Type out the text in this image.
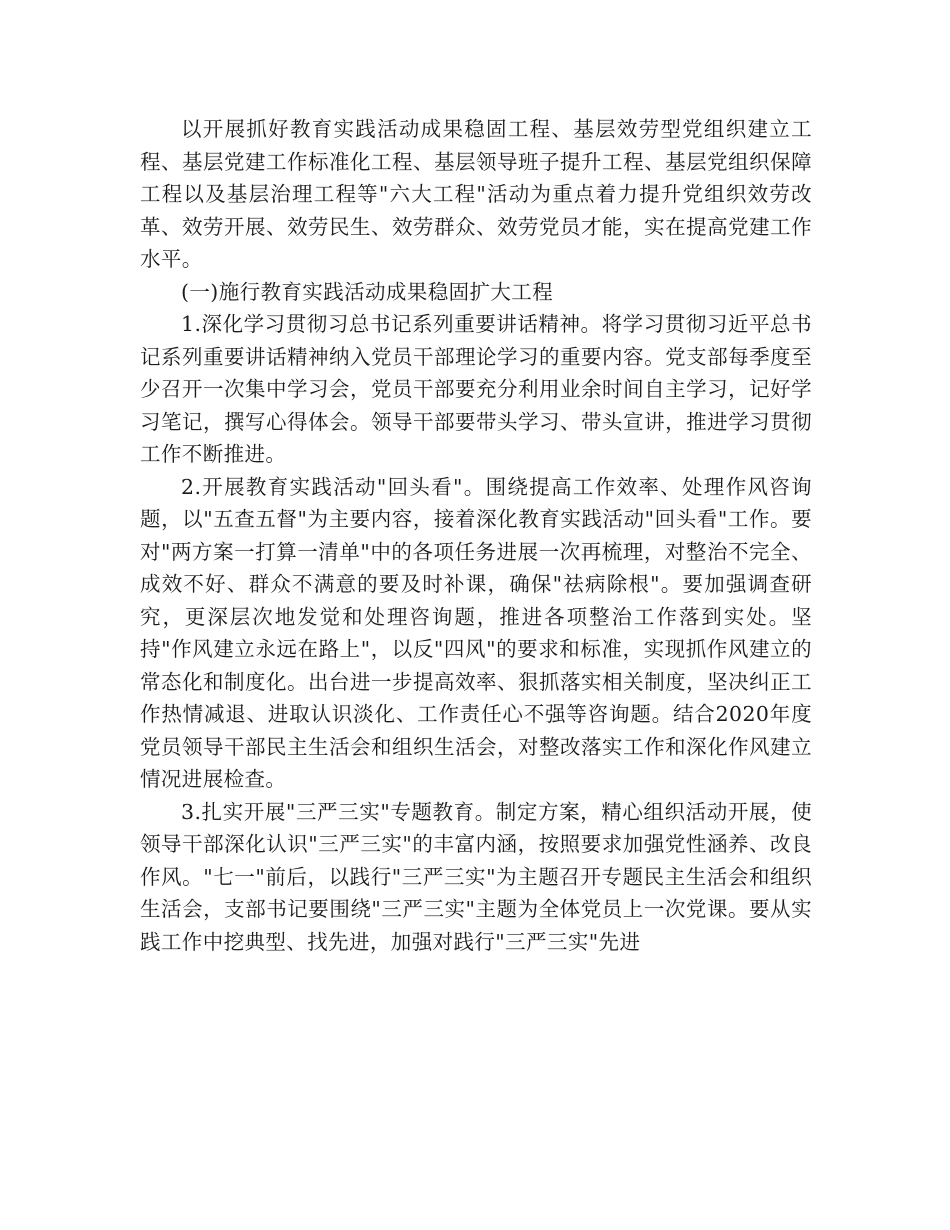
以开展抓好教育实践活动成果稳固工程、基层效劳型党组织建立工程、基层党建工作标准化工程、基层领导班子提升工程、基层党组织保障工程以及基层治理工程等"六大工程"活动为重点着力提升党组织效劳改革、效劳开展、效劳民生、效劳群众、效劳党员才能，实在提高党建工作水平。

(一)施行教育实践活动成果稳固扩大工程

1.深化学习贯彻习总书记系列重要讲话精神。将学习贯彻习近平总书记系列重要讲话精神纳入党员干部理论学习的重要内容。党支部每季度至少召开一次集中学习会，党员干部要充分利用业余时间自主学习，记好学习笔记，撰写心得体会。领导干部要带头学习、带头宣讲，推进学习贯彻工作不断推进。

2.开展教育实践活动"回头看"。围绕提高工作效率、处理作风咨询题，以"五查五督"为主要内容，接着深化教育实践活动"回头看"工作。要对"两方案一打算一清单"中的各项任务进展一次再梳理，对整治不完全、成效不好、群众不满意的要及时补课，确保"祛病除根"。要加强调查研究，更深层次地发觉和处理咨询题，推进各项整治工作落到实处。坚持"作风建立永远在路上"，以反"四风"的要求和标准，实现抓作风建立的常态化和制度化。出台进一步提高效率、狠抓落实相关制度，坚决纠正工作热情减退、进取认识淡化、工作责任心不强等咨询题。结合2020年度党员领导干部民主生活会和组织生活会，对整改落实工作和深化作风建立情况进展检查。

3.扎实开展"三严三实"专题教育。制定方案，精心组织活动开展，使领导干部深化认识"三严三实"的丰富内涵，按照要求加强党性涵养、改良作风。"七一"前后，以践行"三严三实"为主题召开专题民主生活会和组织生活会，支部书记要围绕"三严三实"主题为全体党员上一次党课。要从实践工作中挖典型、找先进，加强对践行"三严三实"先进
